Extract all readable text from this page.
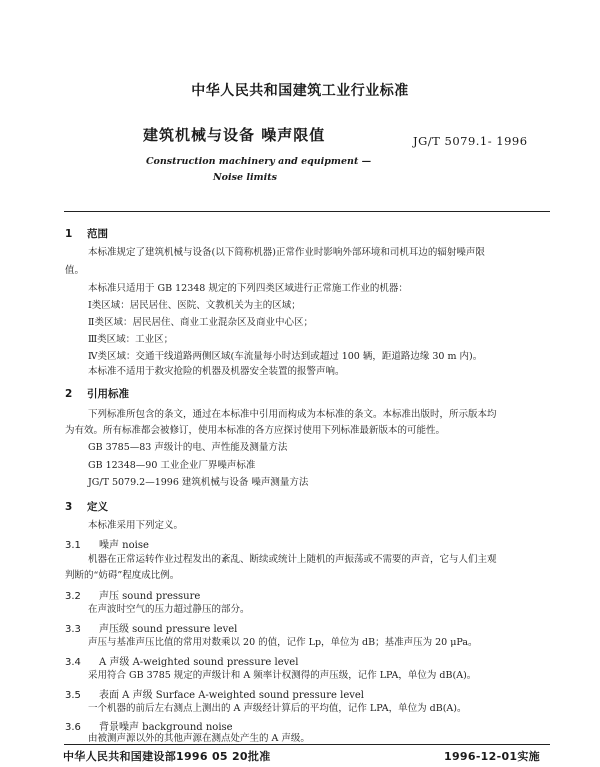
中华人民共和国建筑工业行业标准
建筑机械与设备 噪声限值	JG/T 5079.1- 1996
Construction machinery and equipment —
Noise limits
1 范围
本标准规定了建筑机械与设备(以下简称机器)正常作业时影响外部环境和司机耳边的辐射噪声限
值。
本标准只适用于 GB 12348 规定的下列四类区域进行正常施工作业的机器：
Ⅰ类区域：居民居住、医院、文教机关为主的区域；
Ⅱ类区域：居民居住、商业工业混杂区及商业中心区；
Ⅲ类区域：工业区；
Ⅳ类区域：交通干线道路两侧区域(车流量每小时达到或超过 100 辆，距道路边缘 30 m 内)。
本标准不适用于救灾抢险的机器及机器安全装置的报警声响。
2 引用标准
下列标准所包含的条文，通过在本标准中引用而构成为本标准的条文。本标准出版时，所示版本均
为有效。所有标准都会被修订，使用本标准的各方应探讨使用下列标准最新版本的可能性。
GB 3785—83 声级计的电、声性能及测量方法
GB 12348—90 工业企业厂界噪声标准
JG/T 5079.2—1996 建筑机械与设备 噪声测量方法
3 定义
本标准采用下列定义。
3.1 噪声 noise
机器在正常运转作业过程发出的紊乱、断续或统计上随机的声振荡或不需要的声音，它与人们主观
判断的“妨碍”程度成比例。
3.2 声压 sound pressure
在声波时空气的压力超过静压的部分。
3.3 声压级 sound pressure level
声压与基准声压比值的常用对数乘以 20 的值，记作 Lp，单位为 dB；基准声压为 20 μPa。
3.4 A 声级 A-weighted sound pressure level
采用符合 GB 3785 规定的声级计和 A 频率计权测得的声压级，记作 LPA，单位为 dB(A)。
3.5 表面 A 声级 Surface A-weighted sound pressure level
一个机器的前后左右测点上测出的 A 声级经计算后的平均值，记作 LPA，单位为 dB(A)。
3.6 背景噪声 background noise
由被测声源以外的其他声源在测点处产生的 A 声级。
中华人民共和国建设部1996 05 20批准	1996-12-01实施
